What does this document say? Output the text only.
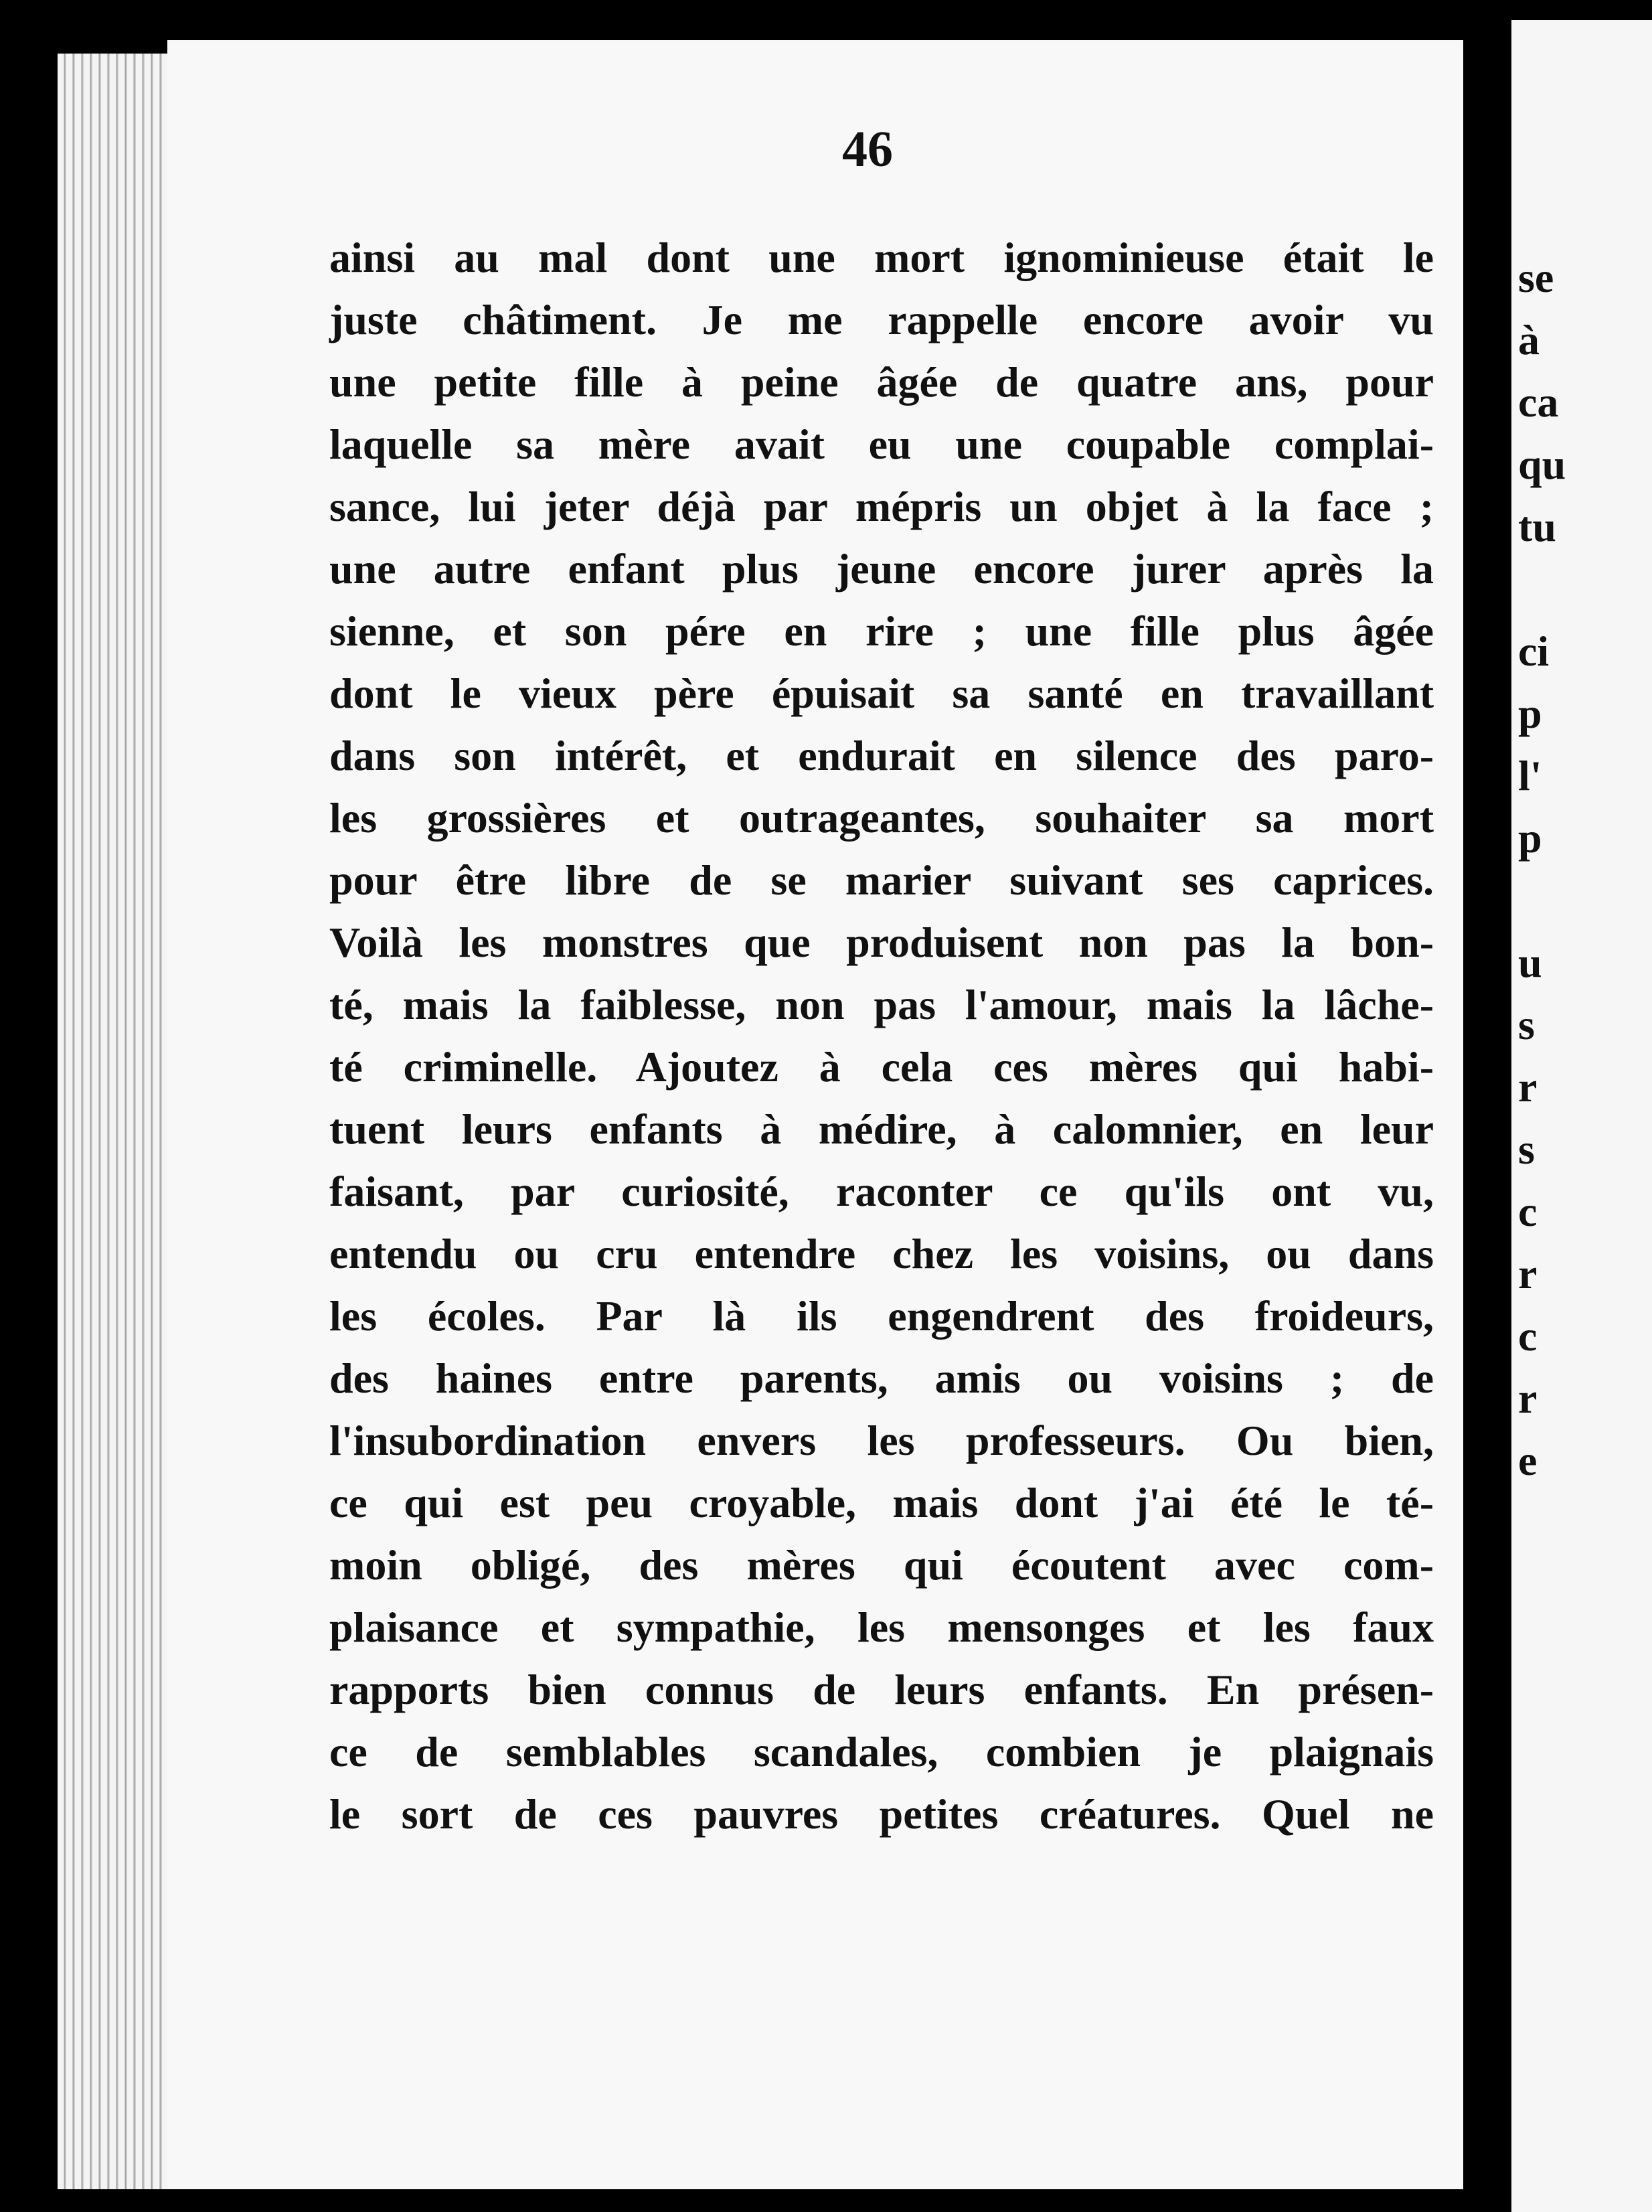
se
à
ca
qu
tu
ci
p
l'
p
u
s
r
s
c
r
c
r
e
46
ainsi au mal dont une mort ignominieuse était le
juste châtiment. Je me rappelle encore avoir vu
une petite fille à peine âgée de quatre ans, pour
laquelle sa mère avait eu une coupable complai-
sance, lui jeter déjà par mépris un objet à la face ;
une autre enfant plus jeune encore jurer après la
sienne, et son pére en rire ; une fille plus âgée
dont le vieux père épuisait sa santé en travaillant
dans son intérêt, et endurait en silence des paro-
les grossières et outrageantes, souhaiter sa mort
pour être libre de se marier suivant ses caprices.
Voilà les monstres que produisent non pas la bon-
té, mais la faiblesse, non pas l'amour, mais la lâche-
té criminelle. Ajoutez à cela ces mères qui habi-
tuent leurs enfants à médire, à calomnier, en leur
faisant, par curiosité, raconter ce qu'ils ont vu,
entendu ou cru entendre chez les voisins, ou dans
les écoles. Par là ils engendrent des froideurs,
des haines entre parents, amis ou voisins ; de
l'insubordination envers les professeurs. Ou bien,
ce qui est peu croyable, mais dont j'ai été le té-
moin obligé, des mères qui écoutent avec com-
plaisance et sympathie, les mensonges et les faux
rapports bien connus de leurs enfants. En présen-
ce de semblables scandales, combien je plaignais
le sort de ces pauvres petites créatures. Quel ne
